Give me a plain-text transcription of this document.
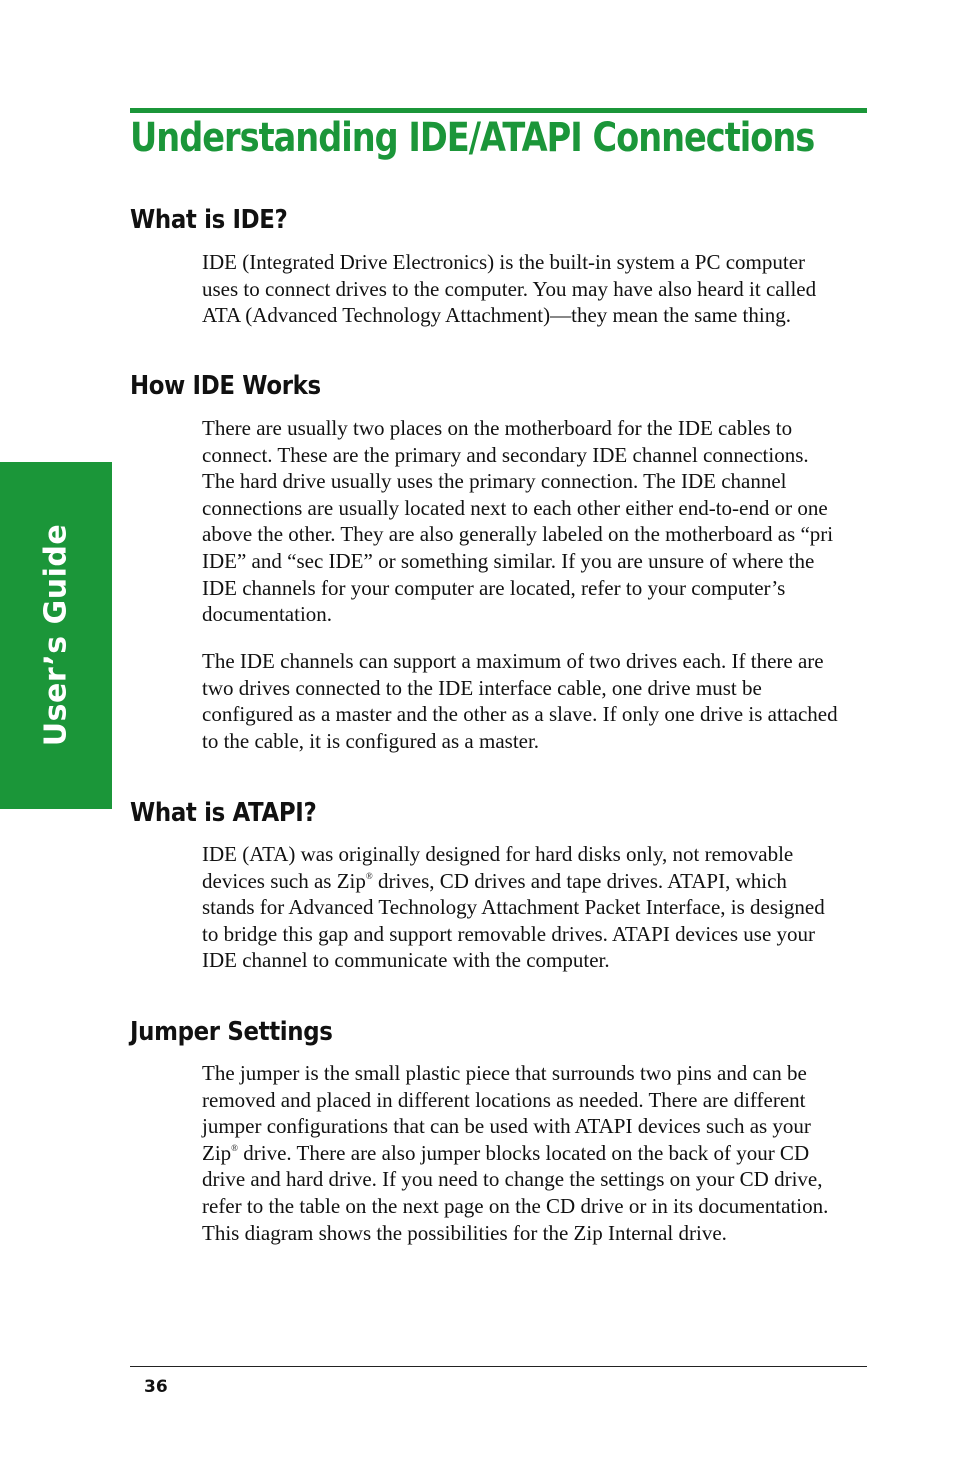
Understanding IDE/ATAPI Connections
User’s Guide
What is IDE?

IDE (Integrated Drive Electronics) is the built-in system a PC computer
uses to connect drives to the computer. You may have also heard it called
ATA (Advanced Technology Attachment)—they mean the same thing.

How IDE Works

There are usually two places on the motherboard for the IDE cables to
connect. These are the primary and secondary IDE channel connections.
The hard drive usually uses the primary connection. The IDE channel
connections are usually located next to each other either end-to-end or one
above the other. They are also generally labeled on the motherboard as “pri
IDE” and “sec IDE” or something similar. If you are unsure of where the
IDE channels for your computer are located, refer to your computer’s
documentation.

The IDE channels can support a maximum of two drives each. If there are
two drives connected to the IDE interface cable, one drive must be
configured as a master and the other as a slave. If only one drive is attached
to the cable, it is configured as a master.

What is ATAPI?

IDE (ATA) was originally designed for hard disks only, not removable
devices such as Zip® drives, CD drives and tape drives. ATAPI, which
stands for Advanced Technology Attachment Packet Interface, is designed
to bridge this gap and support removable drives. ATAPI devices use your
IDE channel to communicate with the computer.

Jumper Settings

The jumper is the small plastic piece that surrounds two pins and can be
removed and placed in different locations as needed. There are different
jumper configurations that can be used with ATAPI devices such as your
Zip® drive. There are also jumper blocks located on the back of your CD
drive and hard drive. If you need to change the settings on your CD drive,
refer to the table on the next page on the CD drive or in its documentation.
This diagram shows the possibilities for the Zip Internal drive.

36
